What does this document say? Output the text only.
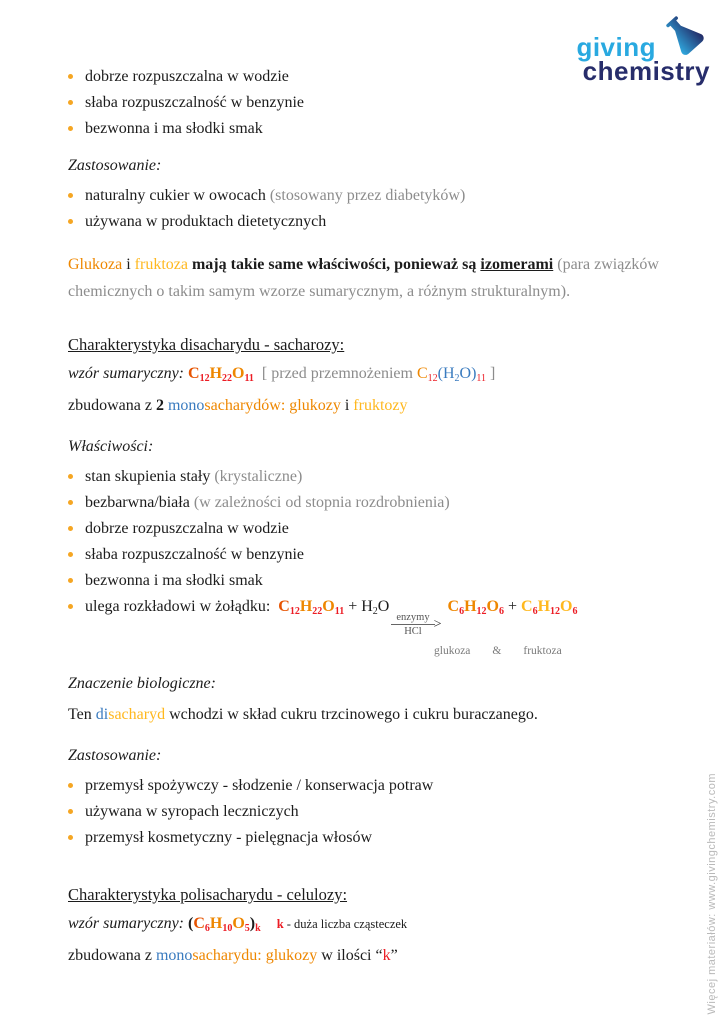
giving
chemistry
dobrze rozpuszczalna w wodzie
słaba rozpuszczalność w benzynie
bezwonna i ma słodki smak

Zastosowanie:

naturalny cukier w owocach (stosowany przez diabetyków)
używana w produktach dietetycznych

Glukoza i fruktoza mają takie same właściwości, ponieważ są izomerami (para związków chemicznych o takim samym wzorze sumarycznym, a różnym strukturalnym).

Charakterystyka disacharydu - sacharozy:

wzór sumaryczny: C12H22O11  [ przed przemnożeniem C12(H2O)11 ]

zbudowana z 2 monosacharydów: glukozy i fruktozy

Właściwości:

stan skupienia stały (krystaliczne)
bezbarwna/biała (w zależności od stopnia rozdrobnienia)
dobrze rozpuszczalna w wodzie
słaba rozpuszczalność w benzynie
bezwonna i ma słodki smak
ulega rozkładowi w żołądku:  C12H22O11 + H2O
$\frac{\text{enzymy}}{\text{HCl}}$ >
C6H12O6 + C6H12O6
glukoza & fruktoza

Znaczenie biologiczne:

Ten disacharyd wchodzi w skład cukru trzcinowego i cukru buraczanego.

Zastosowanie:

przemysł spożywczy - słodzenie / konserwacja potraw
używana w syropach leczniczych
przemysł kosmetyczny - pielęgnacja włosów

Charakterystyka polisacharydu - celulozy:

wzór sumaryczny: (C6H10O5)k k - duża liczba cząsteczek

zbudowana z monosacharydu: glukozy w ilości “k”	Więcej materiałów: www.givingchemistry.com
